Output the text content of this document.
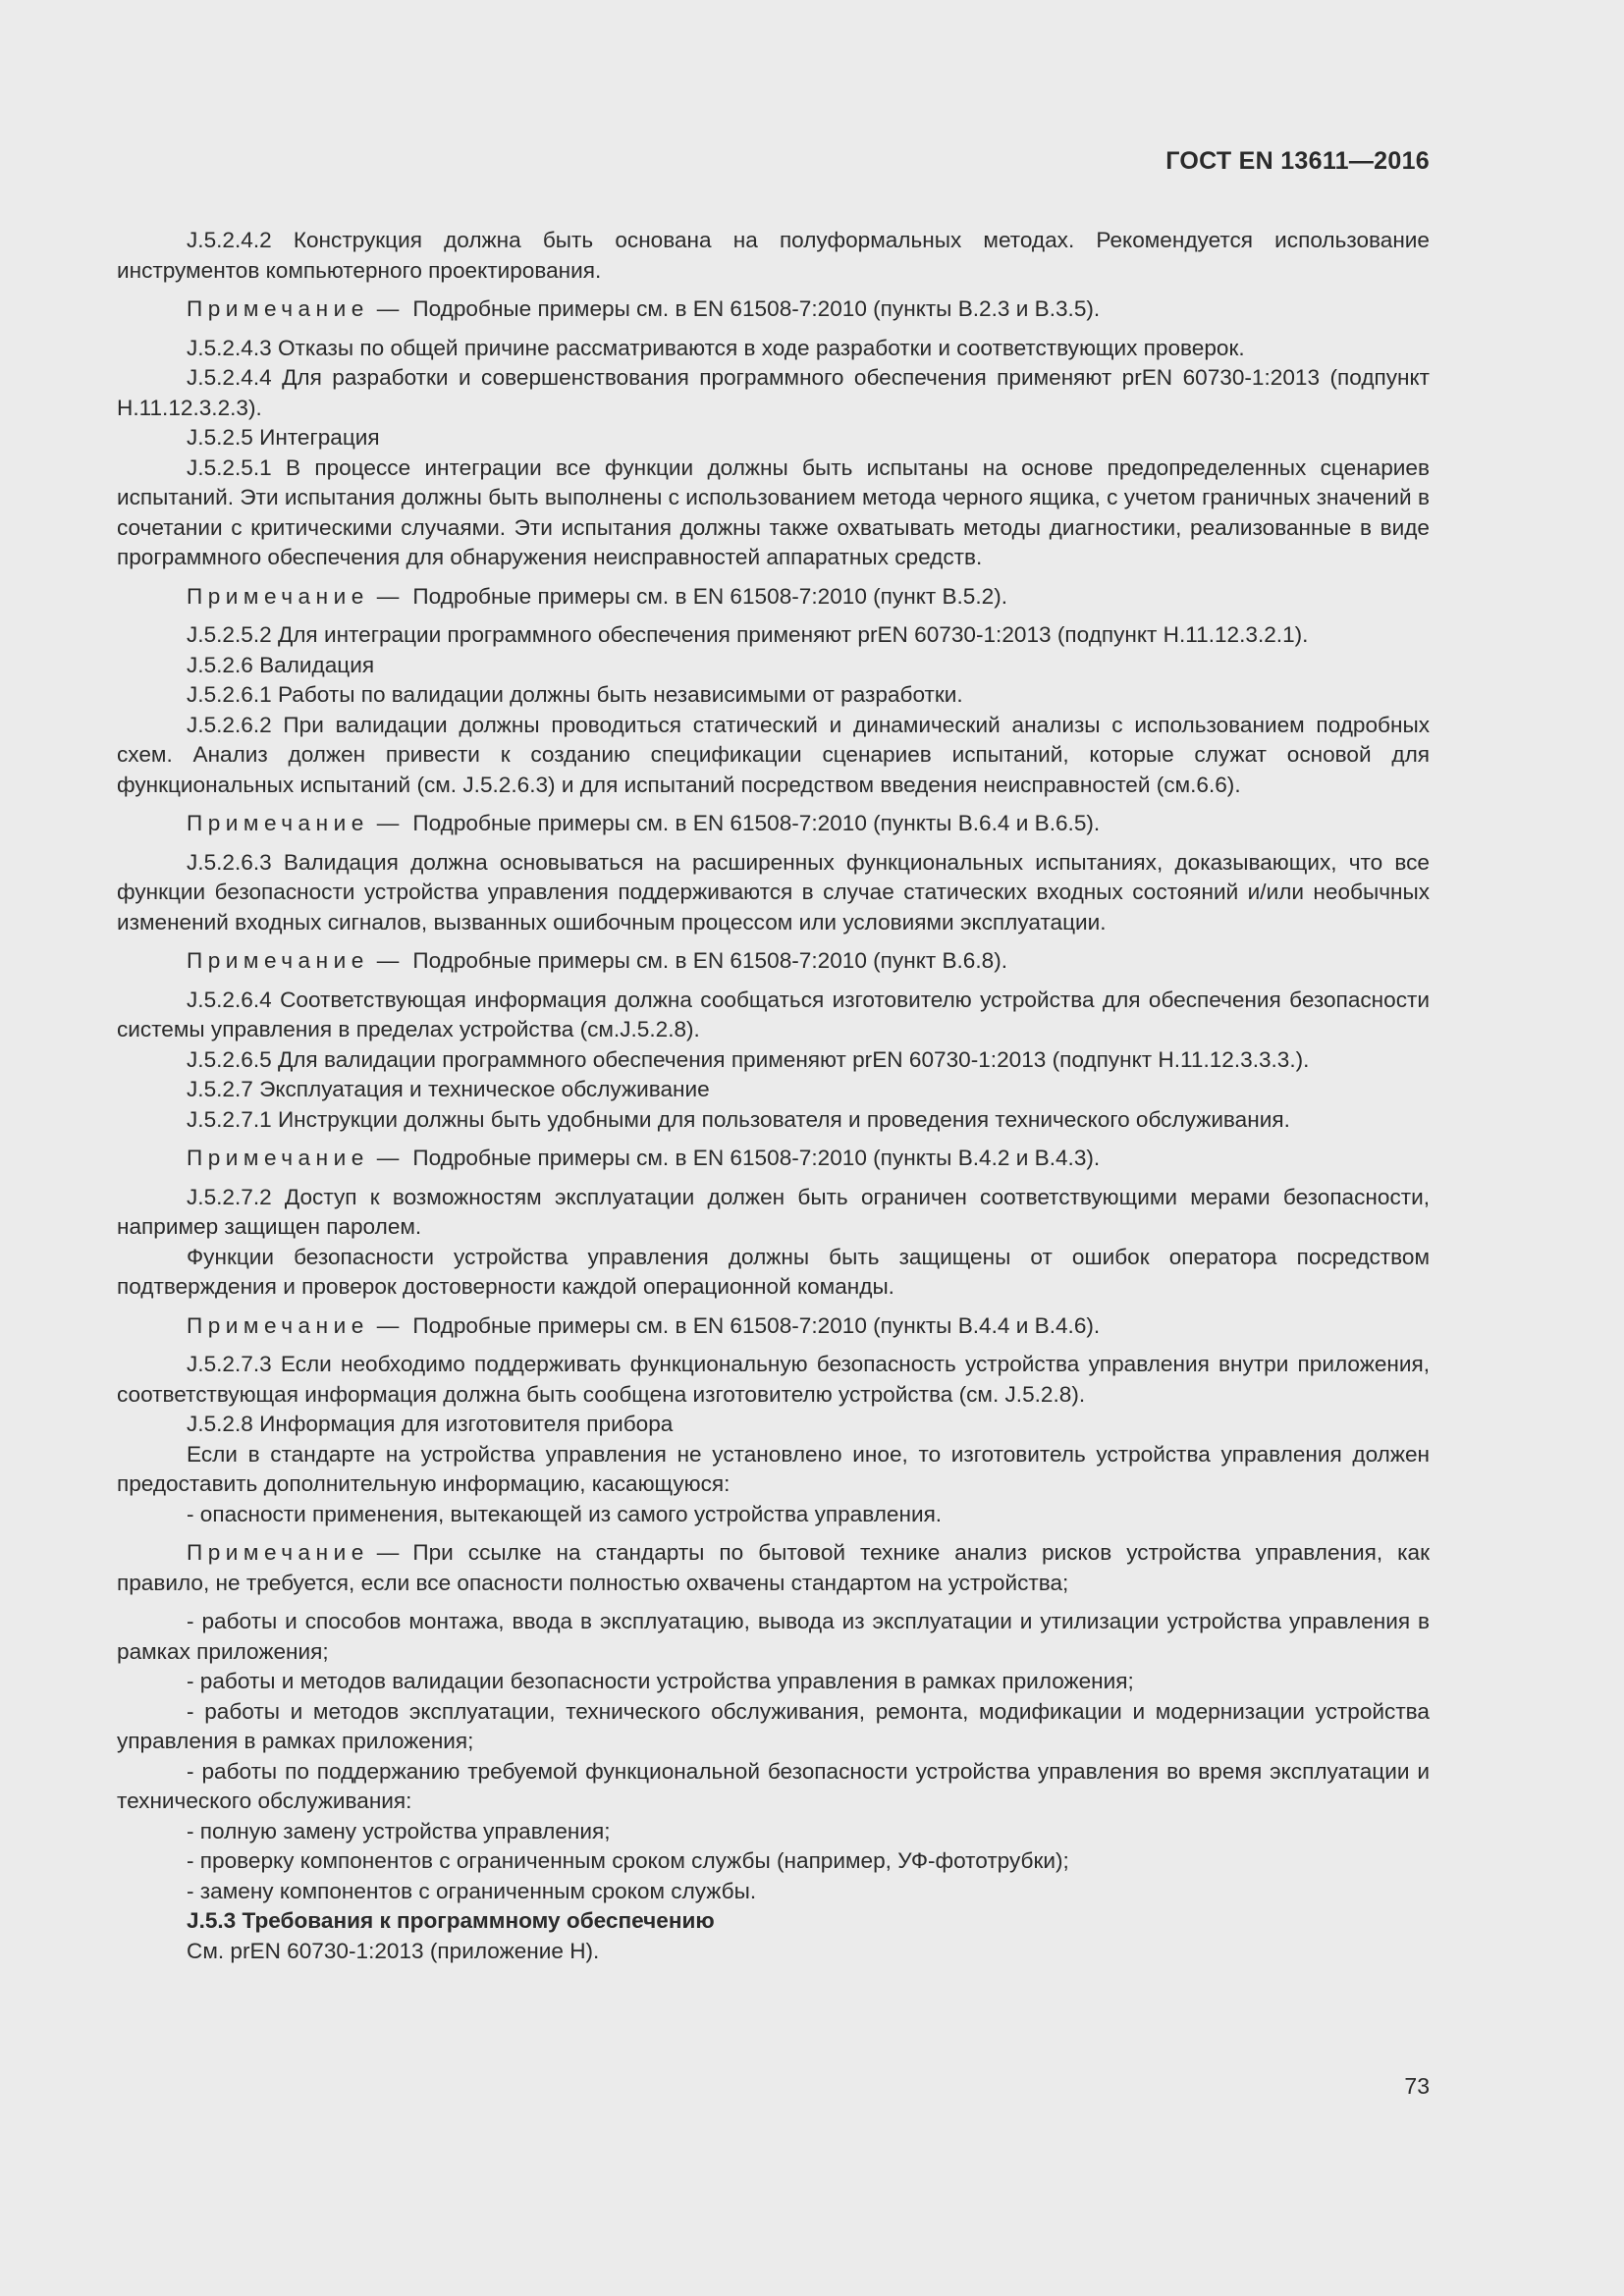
ГОСТ EN 13611—2016

J.5.2.4.2 Конструкция должна быть основана на полуформальных методах. Рекомендуется использование инструментов компьютерного проектирования.

Примечание — Подробные примеры см. в EN 61508-7:2010 (пункты B.2.3 и B.3.5).

J.5.2.4.3 Отказы по общей причине рассматриваются в ходе разработки и соответствующих проверок.

J.5.2.4.4 Для разработки и совершенствования программного обеспечения применяют prEN 60730-1:2013 (подпункт H.11.12.3.2.3).

J.5.2.5 Интеграция

J.5.2.5.1 В процессе интеграции все функции должны быть испытаны на основе предопределенных сценариев испытаний. Эти испытания должны быть выполнены с использованием метода черного ящика, с учетом граничных значений в сочетании с критическими случаями. Эти испытания должны также охватывать методы диагностики, реализованные в виде программного обеспечения для обнаружения неисправностей аппаратных средств.

Примечание — Подробные примеры см. в EN 61508-7:2010 (пункт B.5.2).

J.5.2.5.2 Для интеграции программного обеспечения применяют prEN 60730-1:2013 (подпункт H.11.12.3.2.1).

J.5.2.6 Валидация

J.5.2.6.1 Работы по валидации должны быть независимыми от разработки.

J.5.2.6.2 При валидации должны проводиться статический и динамический анализы с использованием подробных схем. Анализ должен привести к созданию спецификации сценариев испытаний, которые служат основой для функциональных испытаний (см. J.5.2.6.3) и для испытаний посредством введения неисправностей (см.6.6).

Примечание — Подробные примеры см. в EN 61508-7:2010 (пункты B.6.4 и B.6.5).

J.5.2.6.3 Валидация должна основываться на расширенных функциональных испытаниях, доказывающих, что все функции безопасности устройства управления поддерживаются в случае статических входных состояний и/или необычных изменений входных сигналов, вызванных ошибочным процессом или условиями эксплуатации.

Примечание — Подробные примеры см. в EN 61508-7:2010 (пункт B.6.8).

J.5.2.6.4 Соответствующая информация должна сообщаться изготовителю устройства для обеспечения безопасности системы управления в пределах устройства (см.J.5.2.8).

J.5.2.6.5 Для валидации программного обеспечения применяют prEN 60730-1:2013 (подпункт H.11.12.3.3.3.).

J.5.2.7 Эксплуатация и техническое обслуживание

J.5.2.7.1 Инструкции должны быть удобными для пользователя и проведения технического обслуживания.

Примечание — Подробные примеры см. в EN 61508-7:2010 (пункты B.4.2 и B.4.3).

J.5.2.7.2 Доступ к возможностям эксплуатации должен быть ограничен соответствующими мерами безопасности, например защищен паролем.

Функции безопасности устройства управления должны быть защищены от ошибок оператора посредством подтверждения и проверок достоверности каждой операционной команды.

Примечание — Подробные примеры см. в EN 61508-7:2010 (пункты B.4.4 и B.4.6).

J.5.2.7.3 Если необходимо поддерживать функциональную безопасность устройства управления внутри приложения, соответствующая информация должна быть сообщена изготовителю устройства (см. J.5.2.8).

J.5.2.8 Информация для изготовителя прибора

Если в стандарте на устройства управления не установлено иное, то изготовитель устройства управления должен предоставить дополнительную информацию, касающуюся:

- опасности применения, вытекающей из самого устройства управления.

Примечание — При ссылке на стандарты по бытовой технике анализ рисков устройства управления, как правило, не требуется, если все опасности полностью охвачены стандартом на устройства;

- работы и способов монтажа, ввода в эксплуатацию, вывода из эксплуатации и утилизации устройства управления в рамках приложения;

- работы и методов валидации безопасности устройства управления в рамках приложения;

- работы и методов эксплуатации, технического обслуживания, ремонта, модификации и модернизации устройства управления в рамках приложения;

- работы по поддержанию требуемой функциональной безопасности устройства управления во время эксплуатации и технического обслуживания:

- полную замену устройства управления;

- проверку компонентов с ограниченным сроком службы (например, УФ-фототрубки);

- замену компонентов с ограниченным сроком службы.

J.5.3 Требования к программному обеспечению

См. prEN 60730-1:2013 (приложение H).

73
